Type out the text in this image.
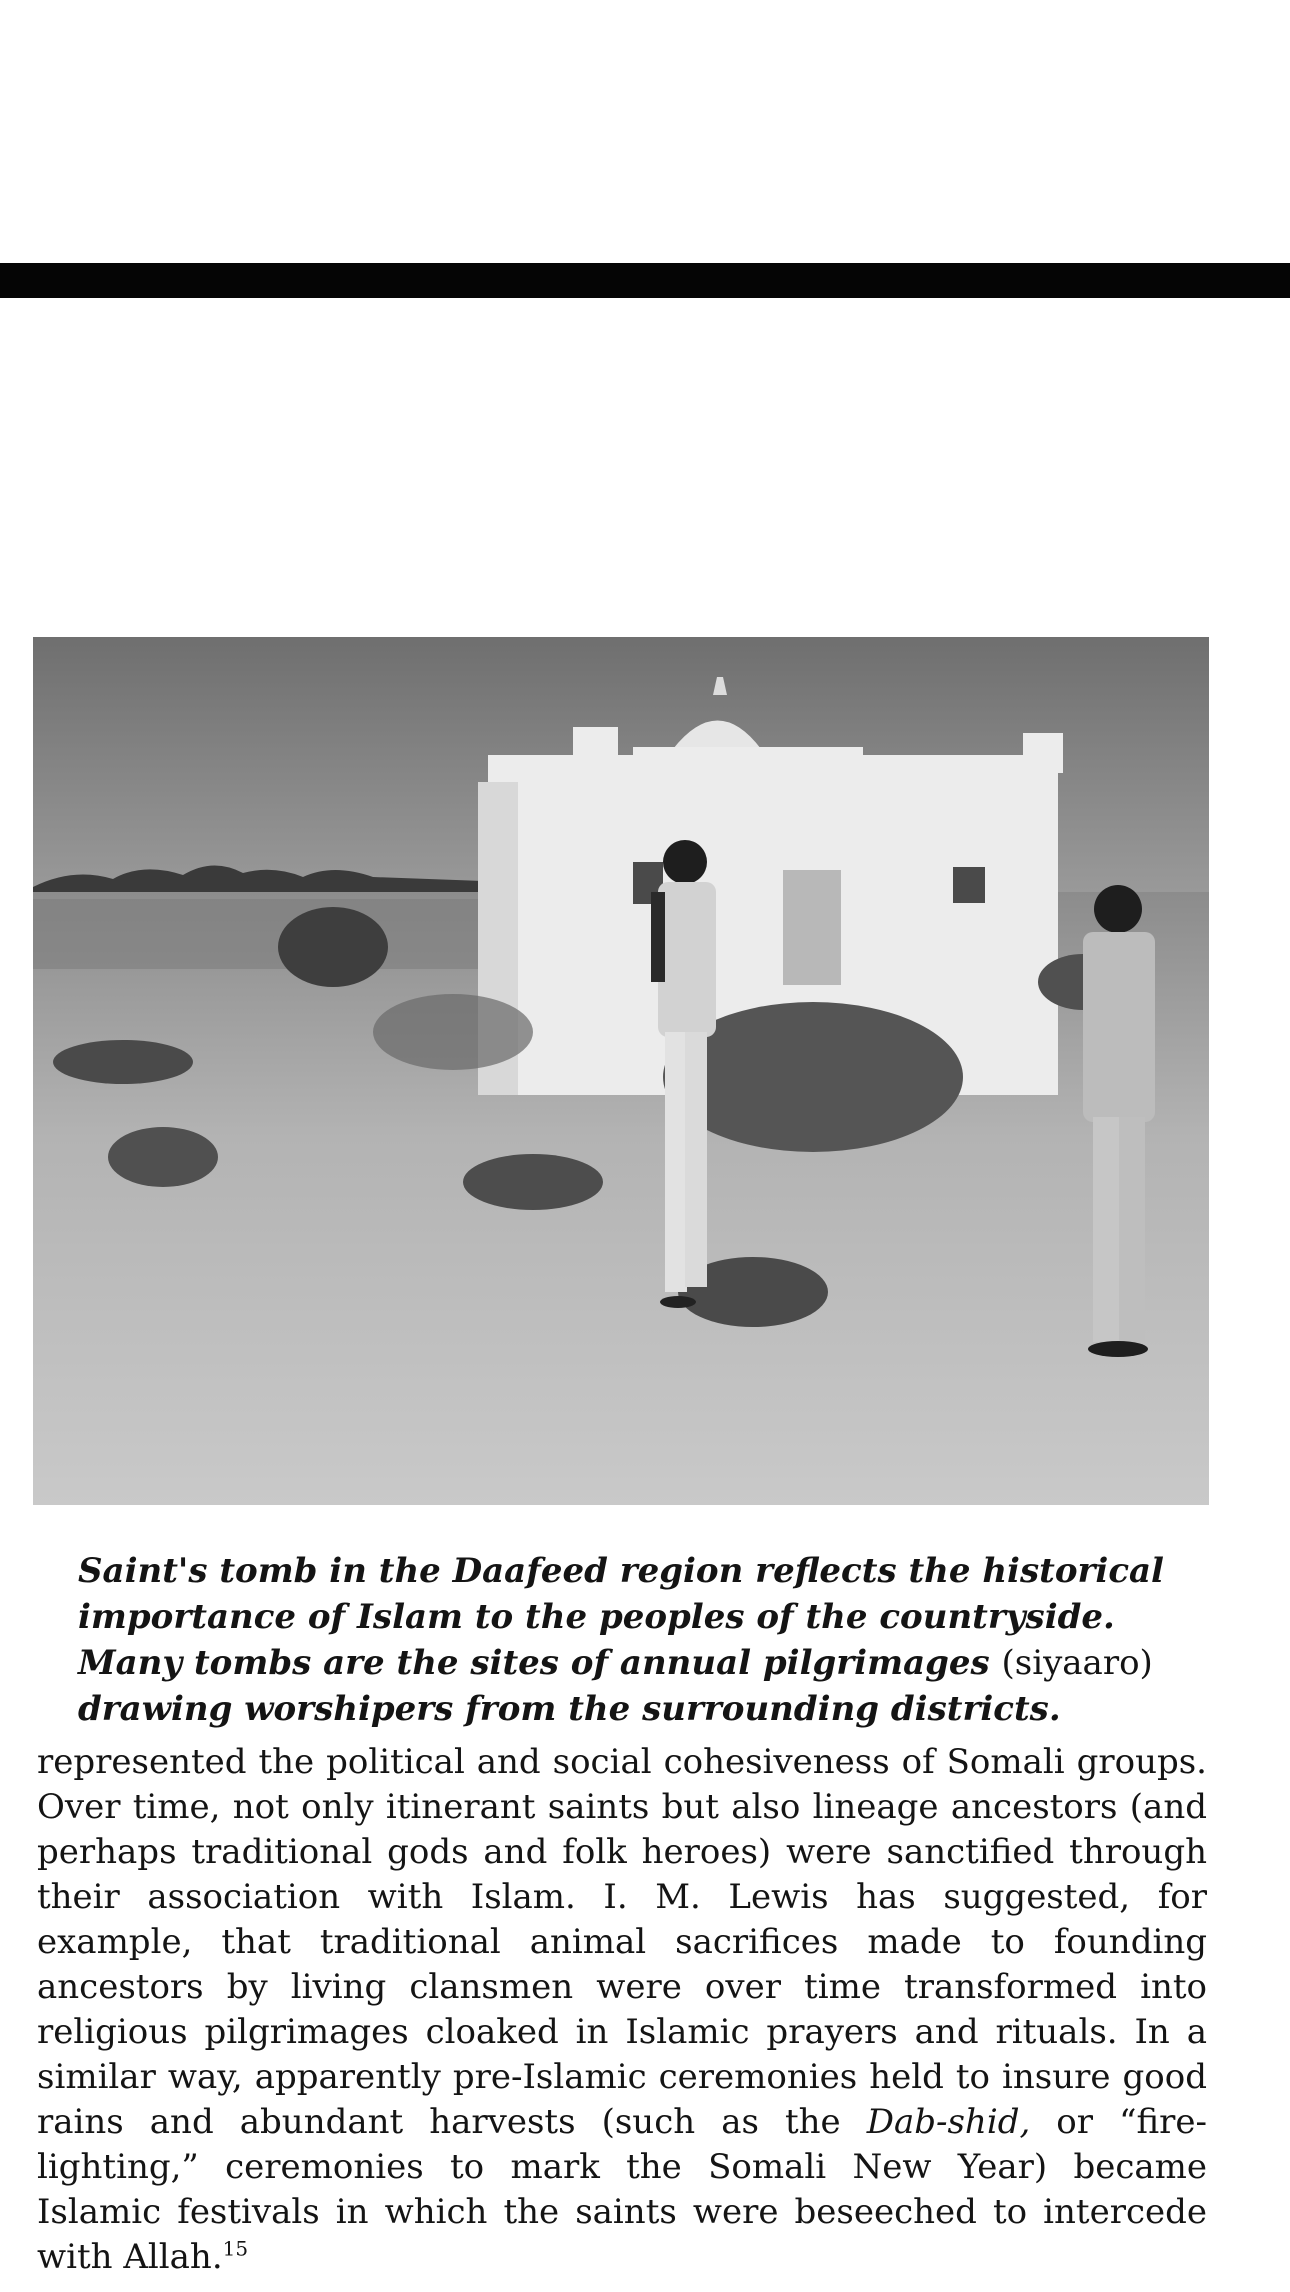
Saint's tomb in the Daafeed region reflects the historical importance of Islam to the peoples of the countryside. Many tombs are the sites of annual pilgrimages (siyaaro) drawing worshipers from the surrounding districts.

represented the political and social cohesiveness of Somali groups. Over time, not only itinerant saints but also lineage ancestors (and perhaps traditional gods and folk heroes) were sanctified through their association with Islam. I. M. Lewis has suggested, for example, that traditional animal sacrifices made to founding ancestors by living clansmen were over time transformed into religious pilgrimages cloaked in Islamic prayers and rituals. In a similar way, apparently pre-Islamic ceremonies held to insure good rains and abundant harvests (such as the Dab-shid, or “fire-lighting,” ceremonies to mark the Somali New Year) became Islamic festivals in which the saints were beseeched to intercede with Allah.$^{15}$
